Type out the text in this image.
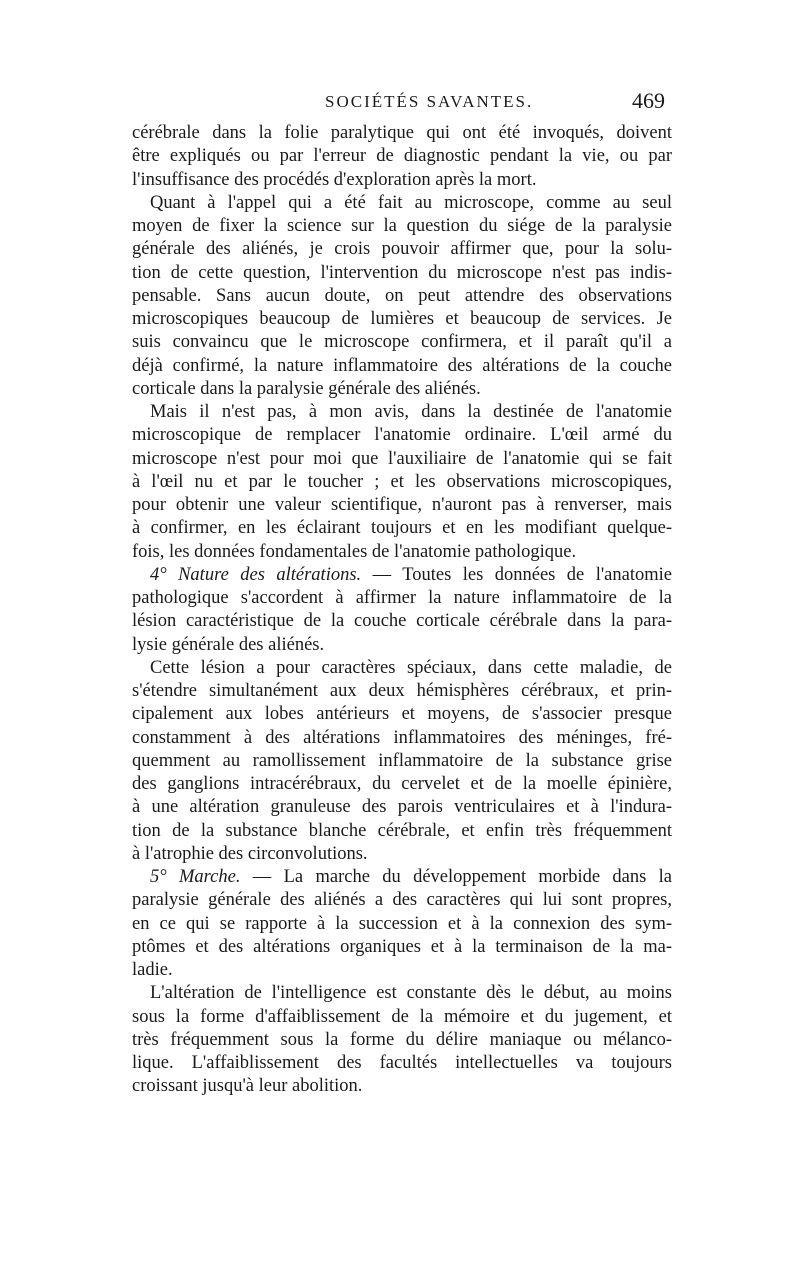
SOCIÉTÉS SAVANTES.	469
cérébrale dans la folie paralytique qui ont été invoqués, doivent
être expliqués ou par l'erreur de diagnostic pendant la vie, ou par
l'insuffisance des procédés d'exploration après la mort.
Quant à l'appel qui a été fait au microscope, comme au seul
moyen de fixer la science sur la question du siége de la paralysie
générale des aliénés, je crois pouvoir affirmer que, pour la solu-
tion de cette question, l'intervention du microscope n'est pas indis-
pensable. Sans aucun doute, on peut attendre des observations
microscopiques beaucoup de lumières et beaucoup de services. Je
suis convaincu que le microscope confirmera, et il paraît qu'il a
déjà confirmé, la nature inflammatoire des altérations de la couche
corticale dans la paralysie générale des aliénés.
Mais il n'est pas, à mon avis, dans la destinée de l'anatomie
microscopique de remplacer l'anatomie ordinaire. L'œil armé du
microscope n'est pour moi que l'auxiliaire de l'anatomie qui se fait
à l'œil nu et par le toucher ; et les observations microscopiques,
pour obtenir une valeur scientifique, n'auront pas à renverser, mais
à confirmer, en les éclairant toujours et en les modifiant quelque-
fois, les données fondamentales de l'anatomie pathologique.
4° Nature des altérations. — Toutes les données de l'anatomie
pathologique s'accordent à affirmer la nature inflammatoire de la
lésion caractéristique de la couche corticale cérébrale dans la para-
lysie générale des aliénés.
Cette lésion a pour caractères spéciaux, dans cette maladie, de
s'étendre simultanément aux deux hémisphères cérébraux, et prin-
cipalement aux lobes antérieurs et moyens, de s'associer presque
constamment à des altérations inflammatoires des méninges, fré-
quemment au ramollissement inflammatoire de la substance grise
des ganglions intracérébraux, du cervelet et de la moelle épinière,
à une altération granuleuse des parois ventriculaires et à l'indura-
tion de la substance blanche cérébrale, et enfin très fréquemment
à l'atrophie des circonvolutions.
5° Marche. — La marche du développement morbide dans la
paralysie générale des aliénés a des caractères qui lui sont propres,
en ce qui se rapporte à la succession et à la connexion des sym-
ptômes et des altérations organiques et à la terminaison de la ma-
ladie.
L'altération de l'intelligence est constante dès le début, au moins
sous la forme d'affaiblissement de la mémoire et du jugement, et
très fréquemment sous la forme du délire maniaque ou mélanco-
lique. L'affaiblissement des facultés intellectuelles va toujours
croissant jusqu'à leur abolition.
